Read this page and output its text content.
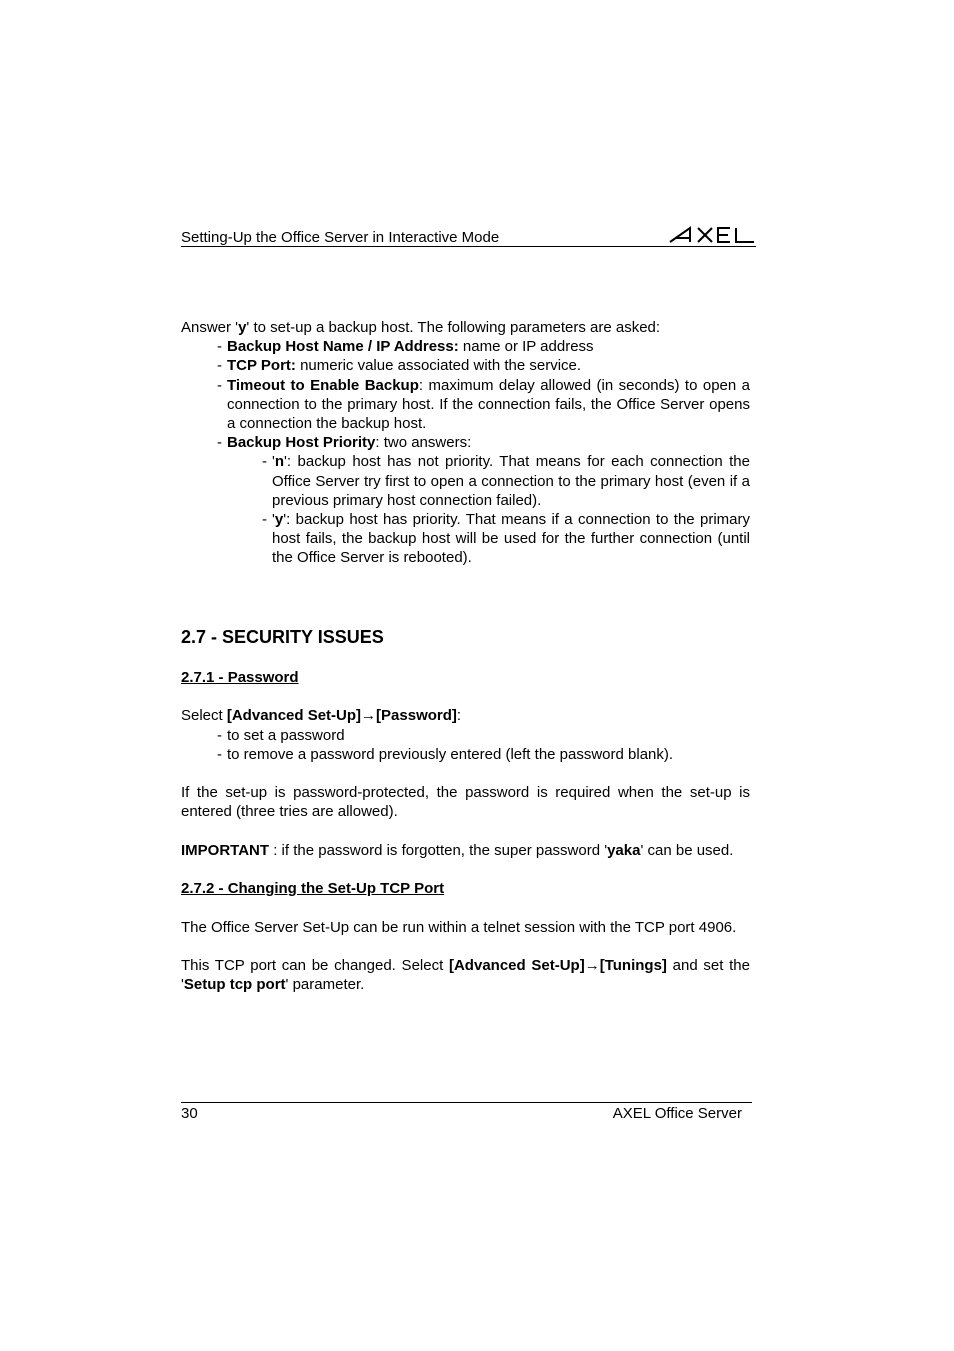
Setting-Up the Office Server in Interactive Mode

Answer 'y' to set-up a backup host. The following parameters are asked:

- Backup Host Name / IP Address: name or IP address

- TCP Port: numeric value associated with the service.

- Timeout to Enable Backup: maximum delay allowed (in seconds) to open a connection to the primary host. If the connection fails, the Office Server opens a connection the backup host.

- Backup Host Priority: two answers:

- 'n': backup host has not priority. That means for each connection the Office Server try first to open a connection to the primary host (even if a previous primary host connection failed).

- 'y': backup host has priority. That means if a connection to the primary host fails, the backup host will be used for the further connection (until the Office Server is rebooted).

2.7 - SECURITY ISSUES

2.7.1 - Password

Select [Advanced Set-Up]→[Password]:

- to set a password

- to remove a password previously entered (left the password blank).

If the set-up is password-protected, the password is required when the set-up is entered (three tries are allowed).

IMPORTANT : if the password is forgotten, the super password 'yaka' can be used.

2.7.2 - Changing the Set-Up TCP Port

The Office Server Set-Up can be run within a telnet session with the TCP port 4906.

This TCP port can be changed. Select [Advanced Set-Up]→[Tunings] and set the 'Setup tcp port' parameter.

30	AXEL Office Server
